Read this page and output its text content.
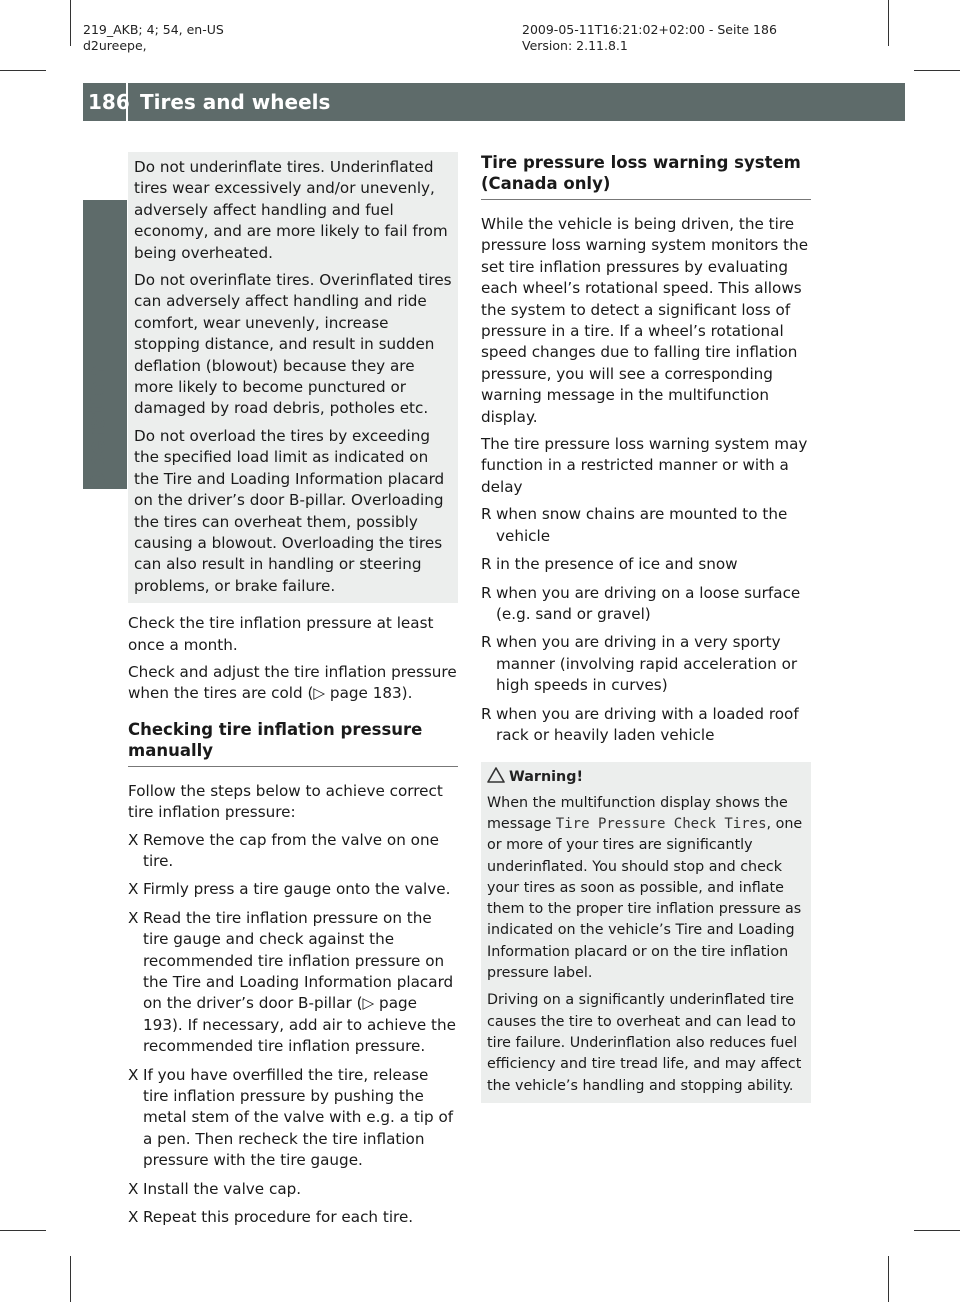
219_AKB; 4; 54, en-US
d2ureepe,
2009-05-11T16:21:02+02:00 - Seite 186
Version: 2.11.8.1
186 Tires and wheels

Do not underinflate tires. Underinflated tires wear excessively and/or unevenly, adversely affect handling and fuel economy, and are more likely to fail from being overheated.

Do not overinflate tires. Overinflated tires can adversely affect handling and ride comfort, wear unevenly, increase stopping distance, and result in sudden deflation (blowout) because they are more likely to become punctured or damaged by road debris, potholes etc.

Do not overload the tires by exceeding the specified load limit as indicated on the Tire and Loading Information placard on the driver’s door B-pillar. Overloading the tires can overheat them, possibly causing a blowout. Overloading the tires can also result in handling or steering problems, or brake failure.

Check the tire inflation pressure at least once a month.

Check and adjust the tire inflation pressure when the tires are cold (▷ page 183).

Checking tire inflation pressure manually

Follow the steps below to achieve correct tire inflation pressure:

X Remove the cap from the valve on one tire.
X Firmly press a tire gauge onto the valve.
X Read the tire inflation pressure on the tire gauge and check against the recommended tire inflation pressure on the Tire and Loading Information placard on the driver’s door B-pillar (▷ page 193). If necessary, add air to achieve the recommended tire inflation pressure.
X If you have overfilled the tire, release tire inflation pressure by pushing the metal stem of the valve with e.g. a tip of a pen. Then recheck the tire inflation pressure with the tire gauge.
X Install the valve cap.
X Repeat this procedure for each tire.
Tire pressure loss warning system (Canada only)

While the vehicle is being driven, the tire pressure loss warning system monitors the set tire inflation pressures by evaluating each wheel’s rotational speed. This allows the system to detect a significant loss of pressure in a tire. If a wheel’s rotational speed changes due to falling tire inflation pressure, you will see a corresponding warning message in the multifunction display.

The tire pressure loss warning system may function in a restricted manner or with a delay

R when snow chains are mounted to the vehicle
R in the presence of ice and snow
R when you are driving on a loose surface (e.g. sand or gravel)
R when you are driving in a very sporty manner (involving rapid acceleration or high speeds in curves)
R when you are driving with a loaded roof rack or heavily laden vehicle

Warning!

When the multifunction display shows the message Tire Pressure Check Tires, one or more of your tires are significantly underinflated. You should stop and check your tires as soon as possible, and inflate them to the proper tire inflation pressure as indicated on the vehicle’s Tire and Loading Information placard or on the tire inflation pressure label.

Driving on a significantly underinflated tire causes the tire to overheat and can lead to tire failure. Underinflation also reduces fuel efficiency and tire tread life, and may affect the vehicle’s handling and stopping ability.
